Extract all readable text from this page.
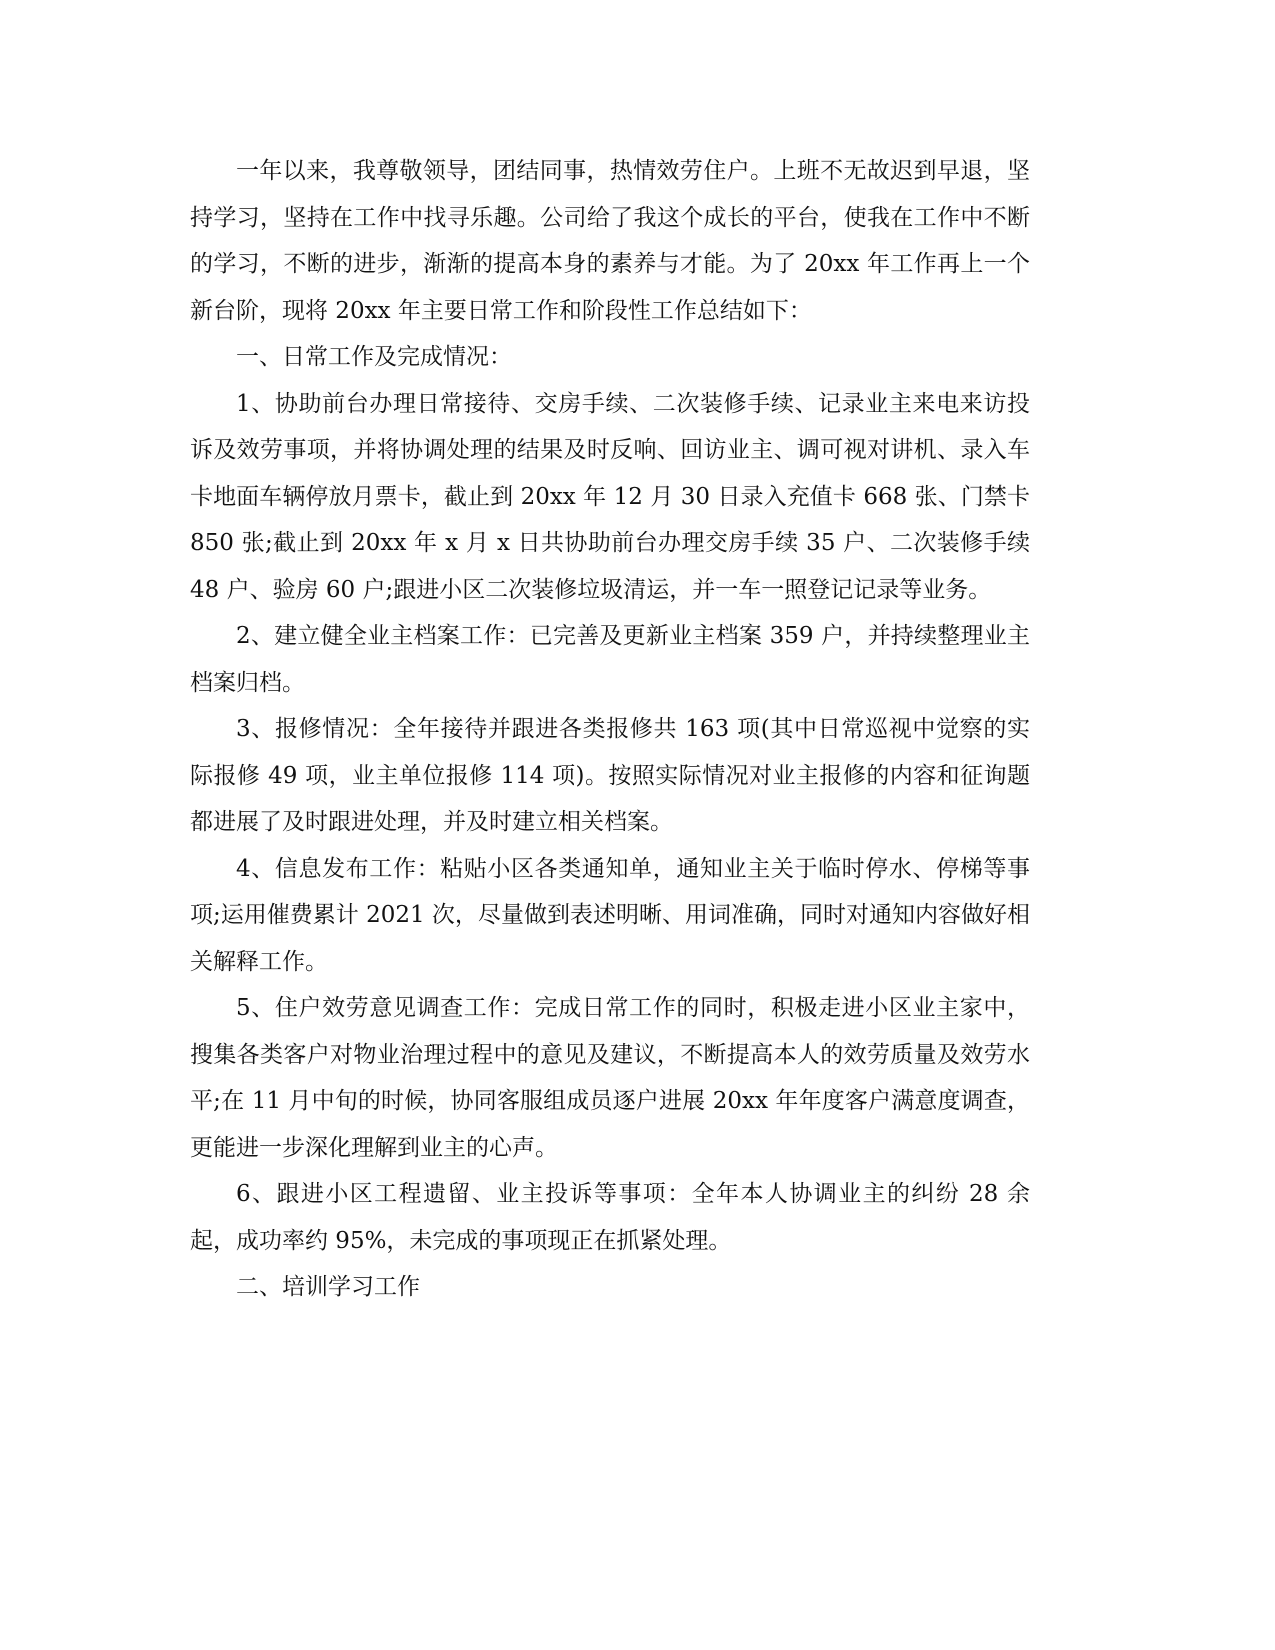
一年以来，我尊敬领导，团结同事，热情效劳住户。上班不无故迟到早退，坚持学习，坚持在工作中找寻乐趣。公司给了我这个成长的平台，使我在工作中不断的学习，不断的进步，渐渐的提高本身的素养与才能。为了 20xx 年工作再上一个新台阶，现将 20xx 年主要日常工作和阶段性工作总结如下：

一、日常工作及完成情况：

1、协助前台办理日常接待、交房手续、二次装修手续、记录业主来电来访投诉及效劳事项，并将协调处理的结果及时反响、回访业主、调可视对讲机、录入车卡地面车辆停放月票卡，截止到 20xx 年 12 月 30 日录入充值卡 668 张、门禁卡 850 张;截止到 20xx 年 x 月 x 日共协助前台办理交房手续 35 户、二次装修手续 48 户、验房 60 户;跟进小区二次装修垃圾清运，并一车一照登记记录等业务。

2、建立健全业主档案工作：已完善及更新业主档案 359 户，并持续整理业主档案归档。

3、报修情况：全年接待并跟进各类报修共 163 项(其中日常巡视中觉察的实际报修 49 项，业主单位报修 114 项)。按照实际情况对业主报修的内容和征询题都进展了及时跟进处理，并及时建立相关档案。

4、信息发布工作：粘贴小区各类通知单，通知业主关于临时停水、停梯等事项;运用催费累计 2021 次，尽量做到表述明晰、用词准确，同时对通知内容做好相关解释工作。

5、住户效劳意见调查工作：完成日常工作的同时，积极走进小区业主家中，搜集各类客户对物业治理过程中的意见及建议，不断提高本人的效劳质量及效劳水平;在 11 月中旬的时候，协同客服组成员逐户进展 20xx 年年度客户满意度调查，更能进一步深化理解到业主的心声。

6、跟进小区工程遗留、业主投诉等事项：全年本人协调业主的纠纷 28 余起，成功率约 95%，未完成的事项现正在抓紧处理。

二、培训学习工作
